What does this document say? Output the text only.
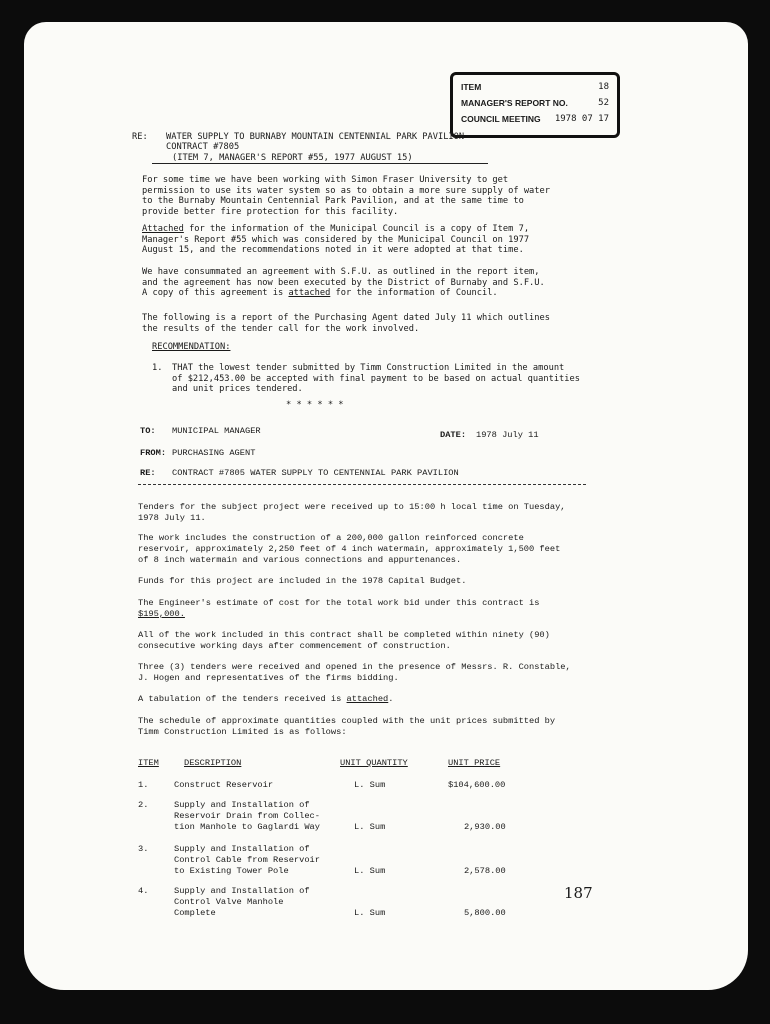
ITEM	18
MANAGER'S REPORT NO.	52
COUNCIL MEETING 1978 07 17
RE: WATER SUPPLY TO BURNABY MOUNTAIN CENTENNIAL PARK PAVILION
CONTRACT #7805
(ITEM 7, MANAGER'S REPORT #55, 1977 AUGUST 15)
For some time we have been working with Simon Fraser University to get
permission to use its water system so as to obtain a more sure supply of water
to the Burnaby Mountain Centennial Park Pavilion, and at the same time to
provide better fire protection for this facility.
Attached for the information of the Municipal Council is a copy of Item 7,
Manager's Report #55 which was considered by the Municipal Council on 1977
August 15, and the recommendations noted in it were adopted at that time.
We have consummated an agreement with S.F.U. as outlined in the report item,
and the agreement has now been executed by the District of Burnaby and S.F.U.
A copy of this agreement is attached for the information of Council.
The following is a report of the Purchasing Agent dated July 11 which outlines
the results of the tender call for the work involved.
RECOMMENDATION:
1. THAT the lowest tender submitted by Timm Construction Limited in the amount
of $212,453.00 be accepted with final payment to be based on actual quantities
and unit prices tendered.
* * * * * *
TO: MUNICIPAL MANAGER	DATE: 1978 July 11
FROM: PURCHASING AGENT
RE: CONTRACT #7805 WATER SUPPLY TO CENTENNIAL PARK PAVILION
Tenders for the subject project were received up to 15:00 h local time on Tuesday,
1978 July 11.
The work includes the construction of a 200,000 gallon reinforced concrete
reservoir, approximately 2,250 feet of 4 inch watermain, approximately 1,500 feet
of 8 inch watermain and various connections and appurtenances.
Funds for this project are included in the 1978 Capital Budget.
The Engineer's estimate of cost for the total work bid under this contract is
$195,000.
All of the work included in this contract shall be completed within ninety (90)
consecutive working days after commencement of construction.
Three (3) tenders were received and opened in the presence of Messrs. R. Constable,
J. Hogen and representatives of the firms bidding.
A tabulation of the tenders received is attached.
The schedule of approximate quantities coupled with the unit prices submitted by
Timm Construction Limited is as follows:
ITEM	DESCRIPTION	UNIT QUANTITY	UNIT PRICE
1.	Construct Reservoir	L. Sum	$104,600.00
2.	Supply and Installation of
Reservoir Drain from Collec-
tion Manhole to Gaglardi Way	L. Sum	2,930.00
3.	Supply and Installation of
Control Cable from Reservoir
to Existing Tower Pole	L. Sum	2,578.00
4.	Supply and Installation of
Control Valve Manhole
Complete	L. Sum	5,800.00
187
